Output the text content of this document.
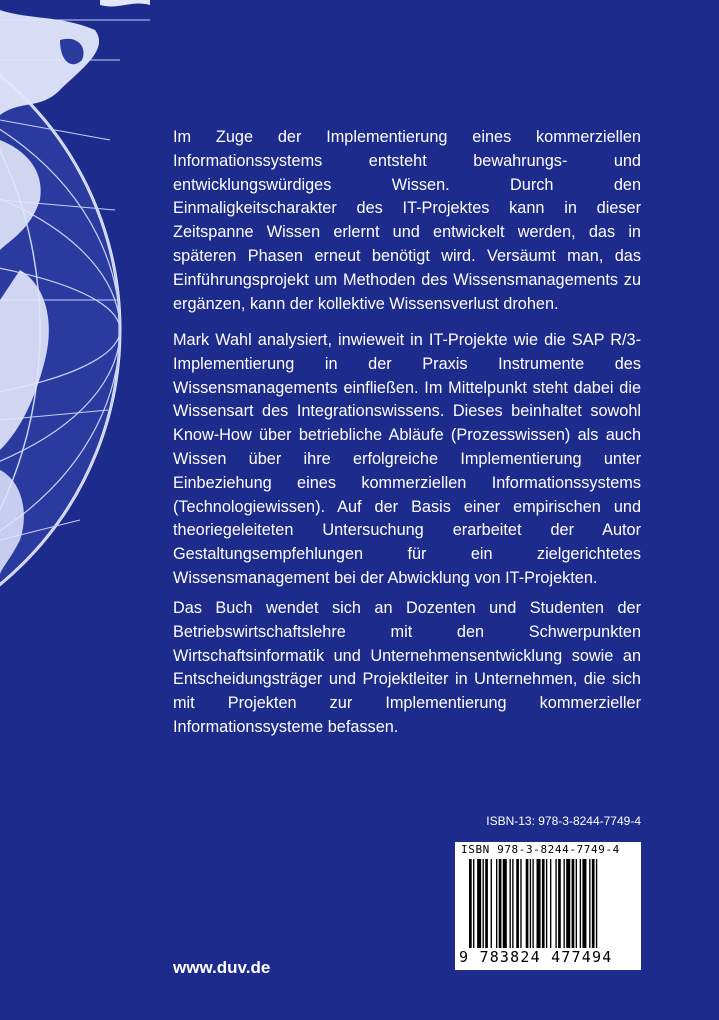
Im Zuge der Implementierung eines kommerziellen Informationssystems entsteht bewahrungs- und entwicklungswürdiges Wissen. Durch den Einmaligkeitscharakter des IT-Projektes kann in dieser Zeitspanne Wissen erlernt und entwickelt werden, das in späteren Phasen erneut benötigt wird. Versäumt man, das Einführungsprojekt um Methoden des Wissensmanagements zu ergänzen, kann der kollektive Wissensverlust drohen.
Mark Wahl analysiert, inwieweit in IT-Projekte wie die SAP R/3-Implementierung in der Praxis Instrumente des Wissensmanagements einfließen. Im Mittelpunkt steht dabei die Wissensart des Integrationswissens. Dieses beinhaltet sowohl Know-How über betriebliche Abläufe (Prozesswissen) als auch Wissen über ihre erfolgreiche Implementierung unter Einbeziehung eines kommerziellen Informationssystems (Technologiewissen). Auf der Basis einer empirischen und theoriegeleiteten Untersuchung erarbeitet der Autor Gestaltungsempfehlungen für ein zielgerichtetes Wissensmanagement bei der Abwicklung von IT-Projekten.
Das Buch wendet sich an Dozenten und Studenten der Betriebswirtschaftslehre mit den Schwerpunkten Wirtschaftsinformatik und Unternehmensentwicklung sowie an Entscheidungsträger und Projektleiter in Unternehmen, die sich mit Projekten zur Implementierung kommerzieller Informationssysteme befassen.
ISBN-13: 978-3-8244-7749-4
ISBN 978-3-8244-7749-4
9 783824 477494
www.duv.de
